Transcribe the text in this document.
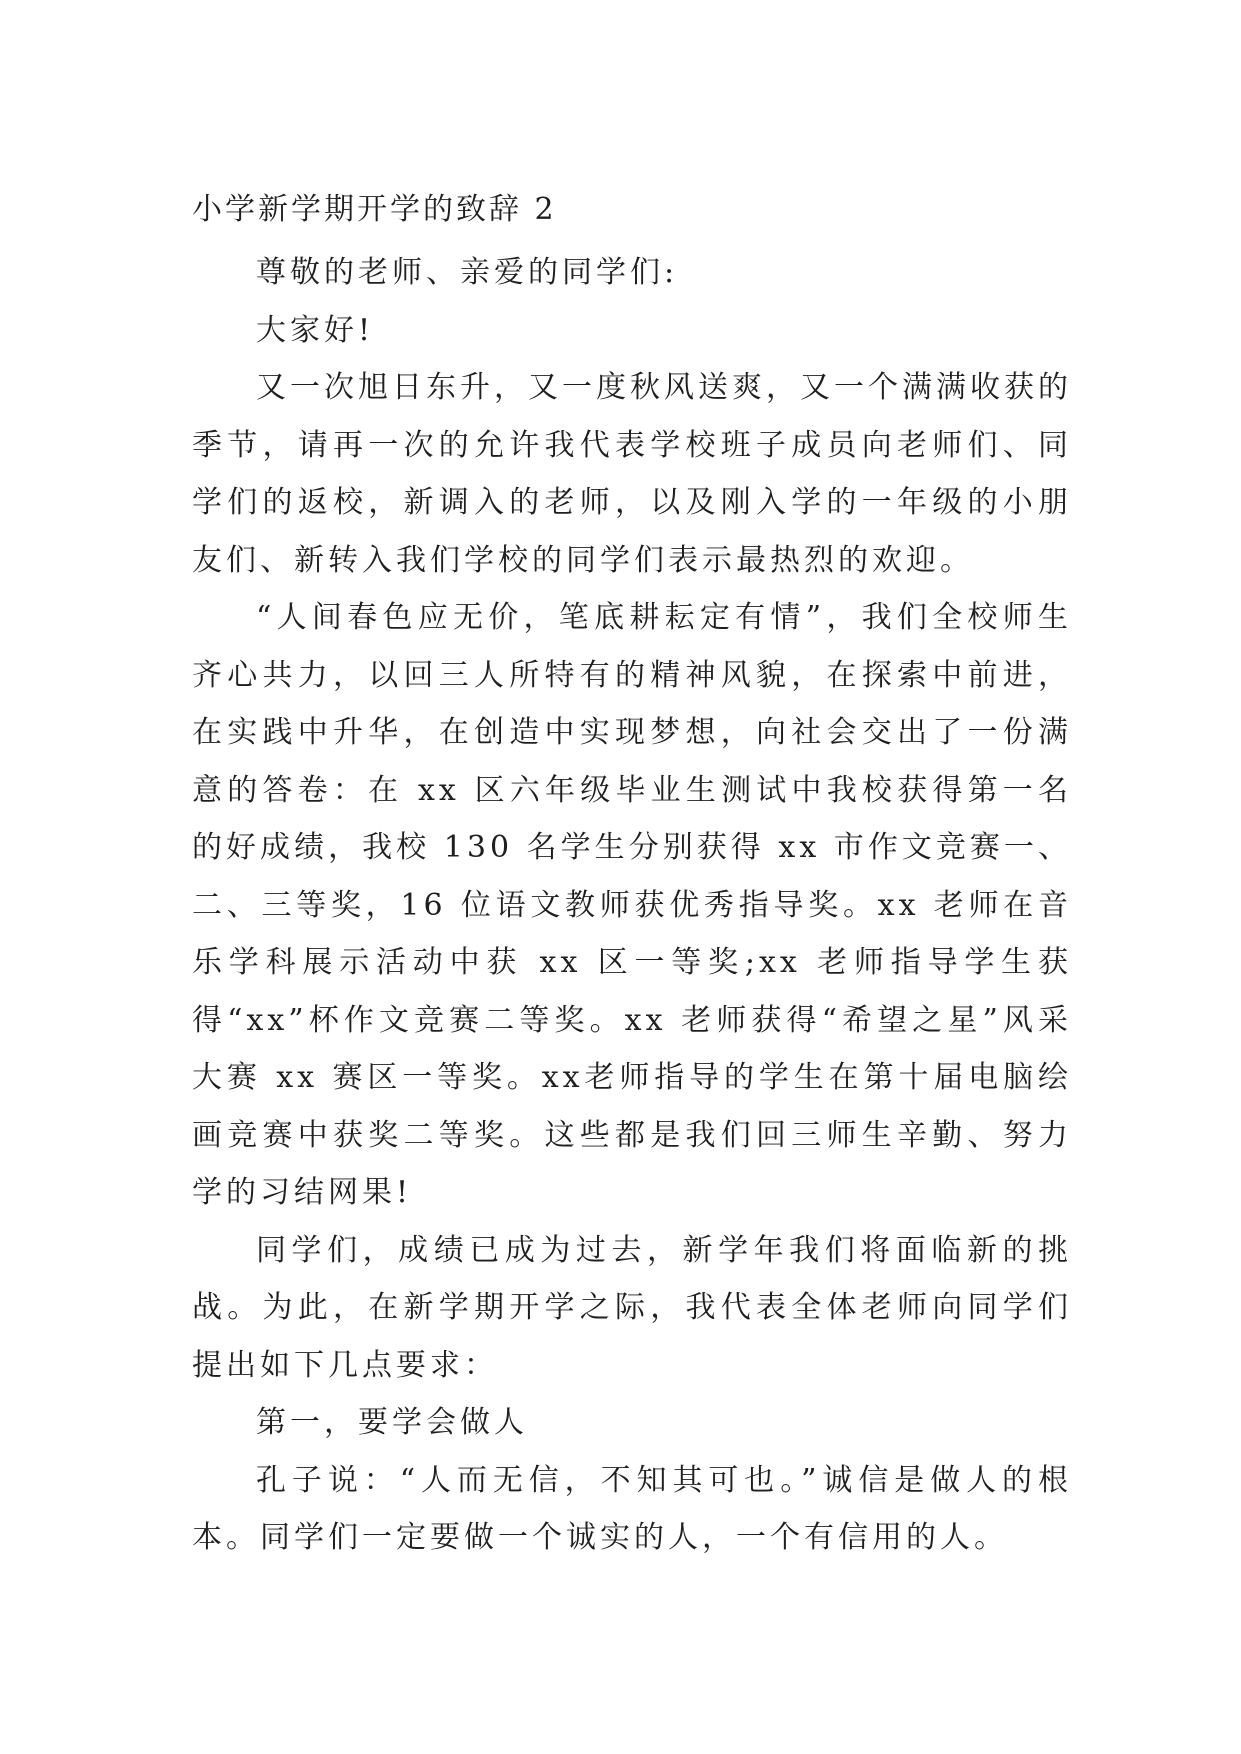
小学新学期开学的致辞 2

尊敬的老师、亲爱的同学们:

大家好!

又一次旭日东升，又一度秋风送爽，又一个满满收获的季节，请再一次的允许我代表学校班子成员向老师们、同学们的返校，新调入的老师，以及刚入学的一年级的小朋友们、新转入我们学校的同学们表示最热烈的欢迎。

“人间春色应无价，笔底耕耘定有情”，我们全校师生齐心共力，以回三人所特有的精神风貌，在探索中前进，在实践中升华，在创造中实现梦想，向社会交出了一份满意的答卷：在 xx 区六年级毕业生测试中我校获得第一名的好成绩，我校 130 名学生分别获得 xx 市作文竞赛一、二、三等奖，16 位语文教师获优秀指导奖。xx 老师在音乐学科展示活动中获 xx 区一等奖;xx 老师指导学生获得“xx”杯作文竞赛二等奖。xx 老师获得“希望之星”风采大赛 xx 赛区一等奖。xx老师指导的学生在第十届电脑绘画竞赛中获奖二等奖。这些都是我们回三师生辛勤、努力学的习结网果!

同学们，成绩已成为过去，新学年我们将面临新的挑战。为此，在新学期开学之际，我代表全体老师向同学们提出如下几点要求：

第一，要学会做人

孔子说：“人而无信，不知其可也。”诚信是做人的根本。同学们一定要做一个诚实的人，一个有信用的人。
